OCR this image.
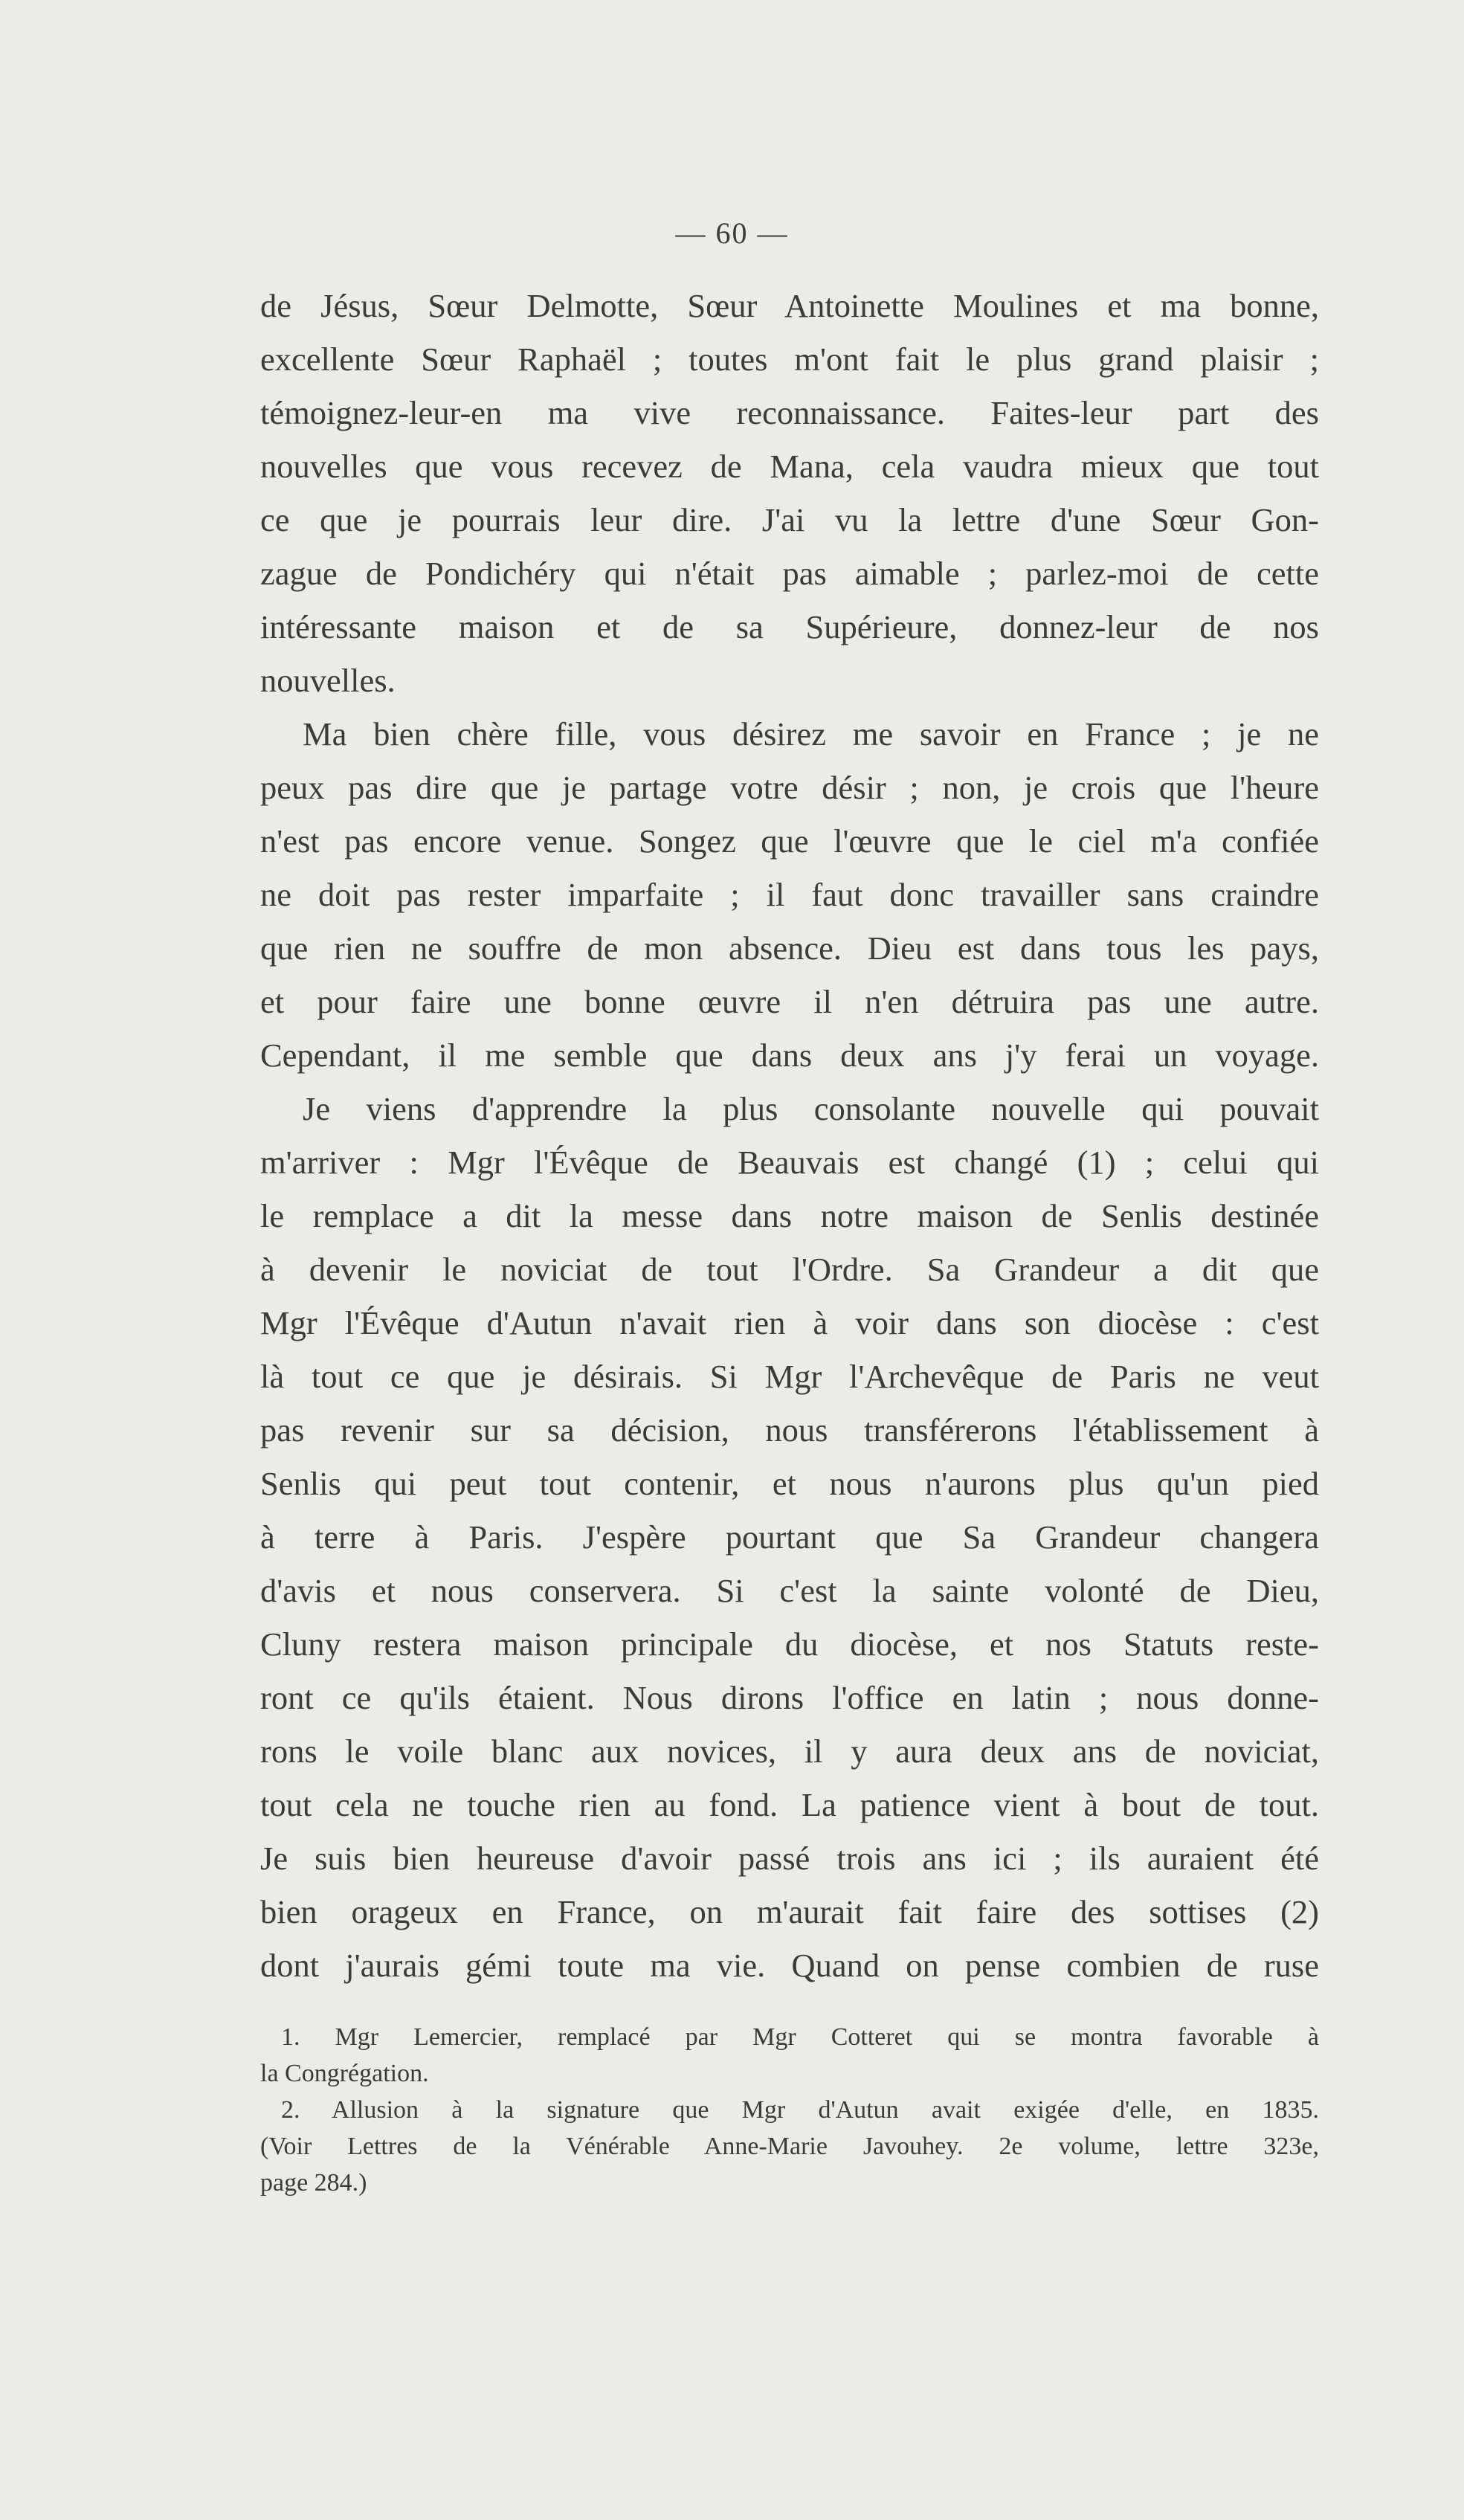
— 60 —
de Jésus, Sœur Delmotte, Sœur Antoinette Moulines et ma bonne,
excellente Sœur Raphaël ; toutes m'ont fait le plus grand plaisir ;
témoignez-leur-en ma vive reconnaissance. Faites-leur part des
nouvelles que vous recevez de Mana, cela vaudra mieux que tout
ce que je pourrais leur dire. J'ai vu la lettre d'une Sœur Gon-
zague de Pondichéry qui n'était pas aimable ; parlez-moi de cette
intéressante maison et de sa Supérieure, donnez-leur de nos
nouvelles.
Ma bien chère fille, vous désirez me savoir en France ; je ne
peux pas dire que je partage votre désir ; non, je crois que l'heure
n'est pas encore venue. Songez que l'œuvre que le ciel m'a confiée
ne doit pas rester imparfaite ; il faut donc travailler sans craindre
que rien ne souffre de mon absence. Dieu est dans tous les pays,
et pour faire une bonne œuvre il n'en détruira pas une autre.
Cependant, il me semble que dans deux ans j'y ferai un voyage.
Je viens d'apprendre la plus consolante nouvelle qui pouvait
m'arriver : Mgr l'Évêque de Beauvais est changé (1) ; celui qui
le remplace a dit la messe dans notre maison de Senlis destinée
à devenir le noviciat de tout l'Ordre. Sa Grandeur a dit que
Mgr l'Évêque d'Autun n'avait rien à voir dans son diocèse : c'est
là tout ce que je désirais. Si Mgr l'Archevêque de Paris ne veut
pas revenir sur sa décision, nous transférerons l'établissement à
Senlis qui peut tout contenir, et nous n'aurons plus qu'un pied
à terre à Paris. J'espère pourtant que Sa Grandeur changera
d'avis et nous conservera. Si c'est la sainte volonté de Dieu,
Cluny restera maison principale du diocèse, et nos Statuts reste-
ront ce qu'ils étaient. Nous dirons l'office en latin ; nous donne-
rons le voile blanc aux novices, il y aura deux ans de noviciat,
tout cela ne touche rien au fond. La patience vient à bout de tout.
Je suis bien heureuse d'avoir passé trois ans ici ; ils auraient été
bien orageux en France, on m'aurait fait faire des sottises (2)
dont j'aurais gémi toute ma vie. Quand on pense combien de ruse
1. Mgr Lemercier, remplacé par Mgr Cotteret qui se montra favorable à
la Congrégation.
2. Allusion à la signature que Mgr d'Autun avait exigée d'elle, en 1835.
(Voir Lettres de la Vénérable Anne-Marie Javouhey. 2e volume, lettre 323e,
page 284.)
